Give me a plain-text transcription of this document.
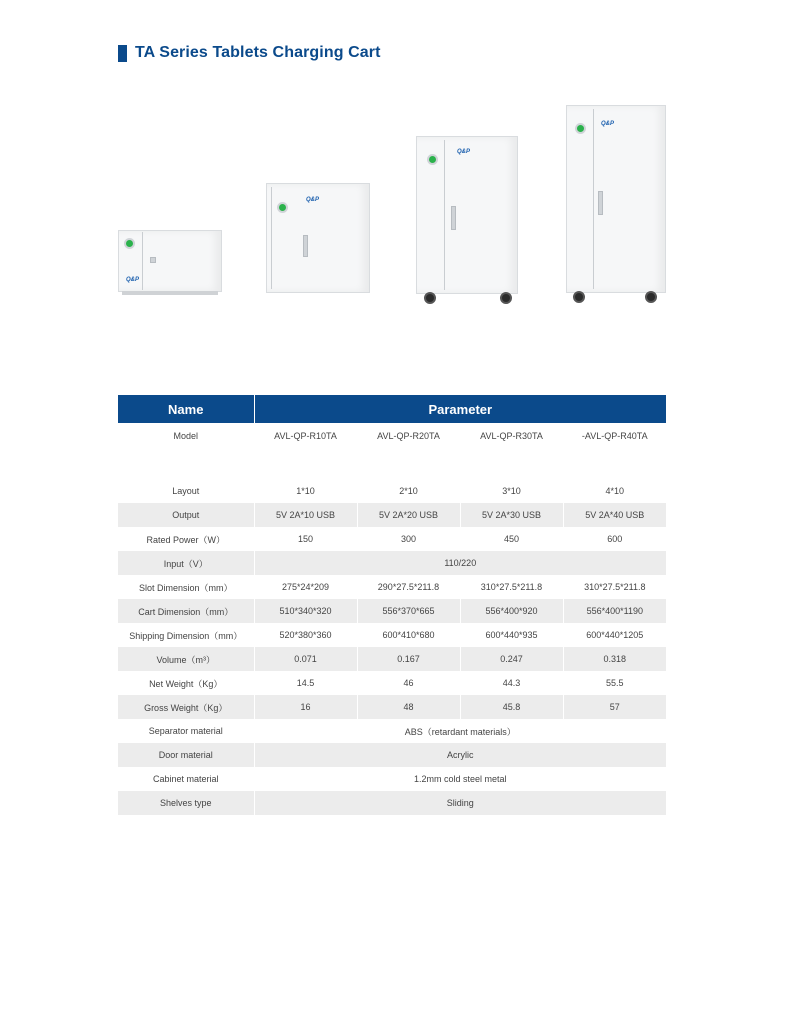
TA Series Tablets Charging Cart
Q&P
Q&P
Q&P
Q&P
Name	Parameter			
Model	AVL-QP-R10TA	AVL-QP-R20TA	AVL-QP-R30TA	-AVL-QP-R40TA

Layout	1*10	2*10	3*10	4*10
Output	5V 2A*10 USB	5V 2A*20 USB	5V 2A*30 USB	5V 2A*40 USB
Rated Power（W）	150	300	450	600
Input（V）	110/220			
Slot Dimension（mm）	275*24*209	290*27.5*211.8	310*27.5*211.8	310*27.5*211.8
Cart Dimension（mm）	510*340*320	556*370*665	556*400*920	556*400*1190
Shipping Dimension（mm）	520*380*360	600*410*680	600*440*935	600*440*1205
Volume（m³）	0.071	0.167	0.247	0.318
Net Weight（Kg）	14.5	46	44.3	55.5
Gross Weight（Kg）	16	48	45.8	57
Separator material	ABS（retardant materials）			
Door material	Acrylic			
Cabinet material	1.2mm cold steel metal			
Shelves type	Sliding			
